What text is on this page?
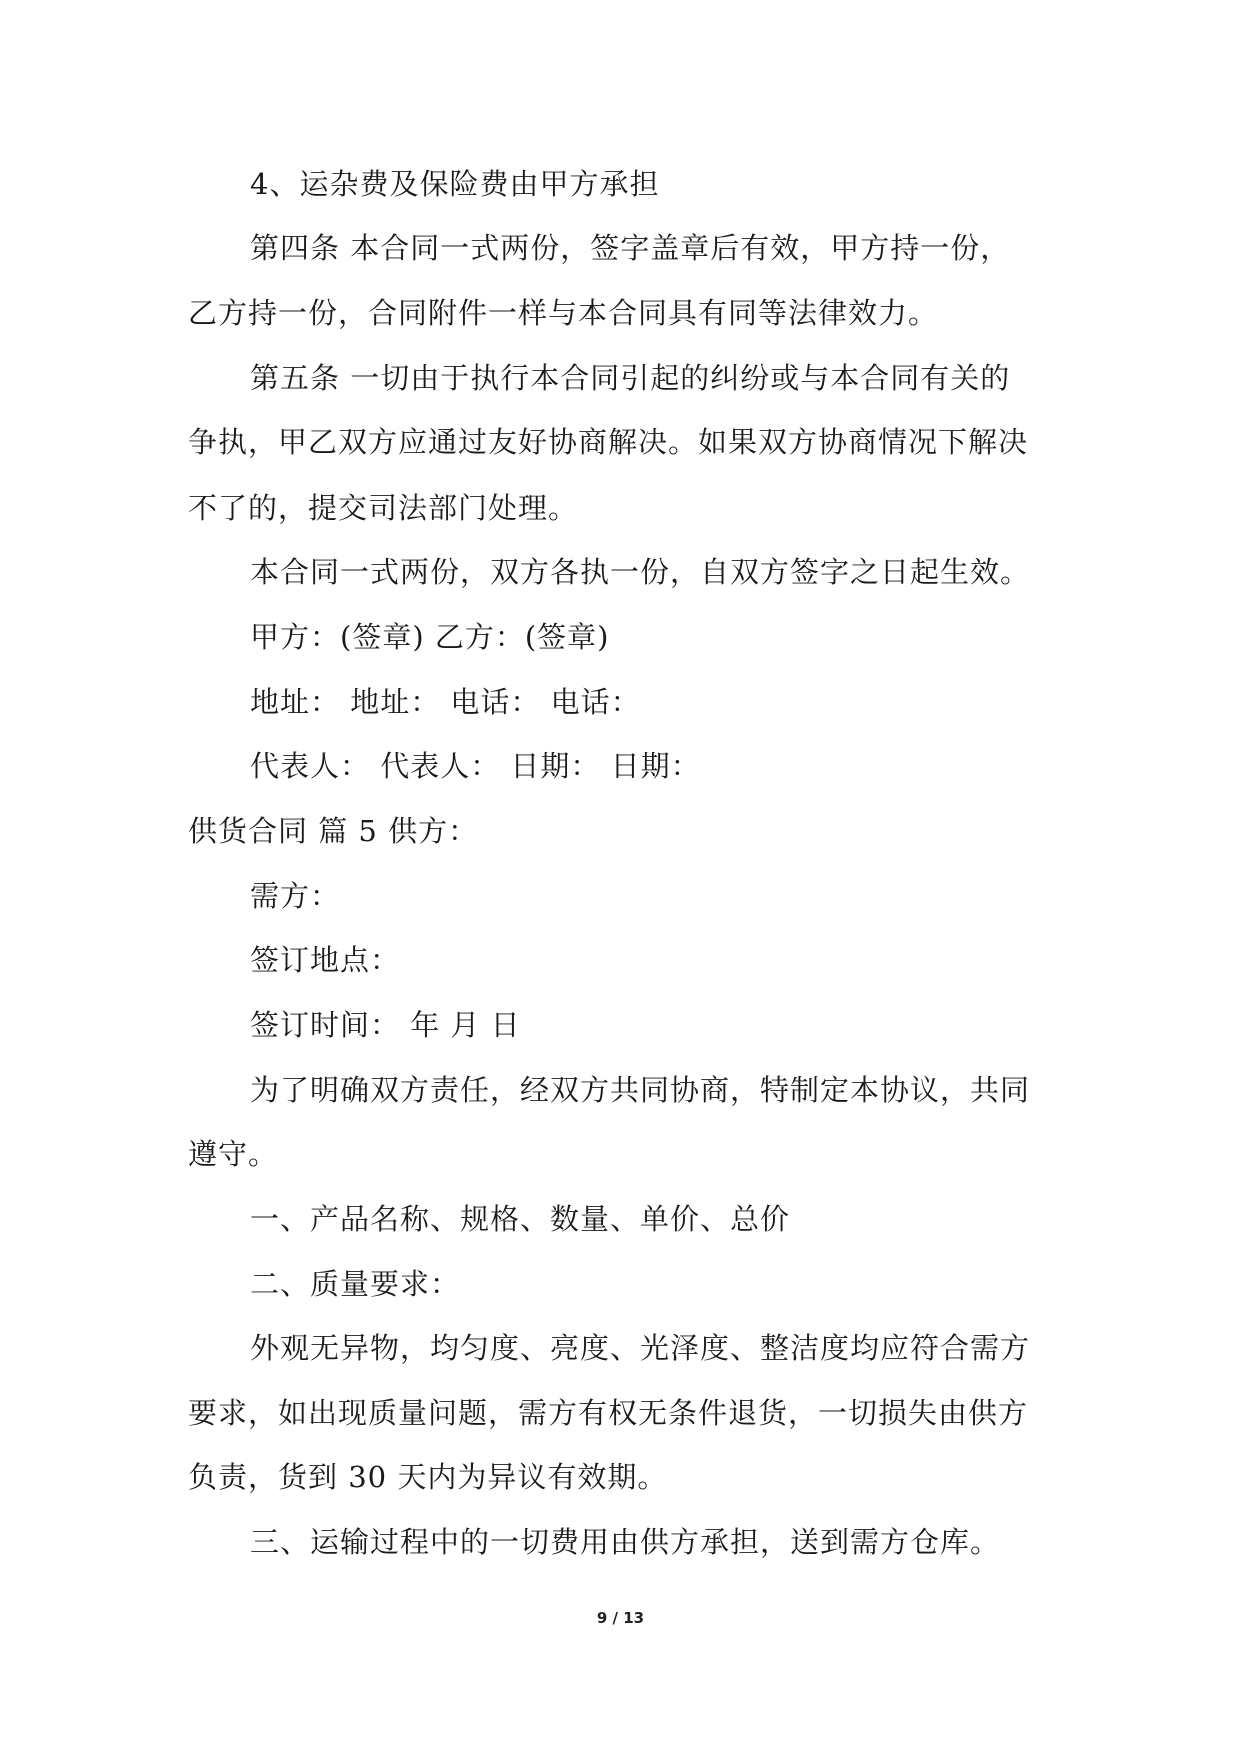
4、运杂费及保险费由甲方承担
第四条 本合同一式两份，签字盖章后有效，甲方持一份，
乙方持一份，合同附件一样与本合同具有同等法律效力。
第五条 一切由于执行本合同引起的纠纷或与本合同有关的
争执，甲乙双方应通过友好协商解决。如果双方协商情况下解决
不了的，提交司法部门处理。
本合同一式两份，双方各执一份，自双方签字之日起生效。
甲方：(签章) 乙方：(签章)
地址： 地址： 电话： 电话：
代表人： 代表人： 日期： 日期：
供货合同 篇 5 供方：
需方：
签订地点：
签订时间： 年 月 日
为了明确双方责任，经双方共同协商，特制定本协议，共同
遵守。
一、产品名称、规格、数量、单价、总价
二、质量要求：
外观无异物，均匀度、亮度、光泽度、整洁度均应符合需方
要求，如出现质量问题，需方有权无条件退货，一切损失由供方
负责，货到 30 天内为异议有效期。
三、运输过程中的一切费用由供方承担，送到需方仓库。
9 / 13
